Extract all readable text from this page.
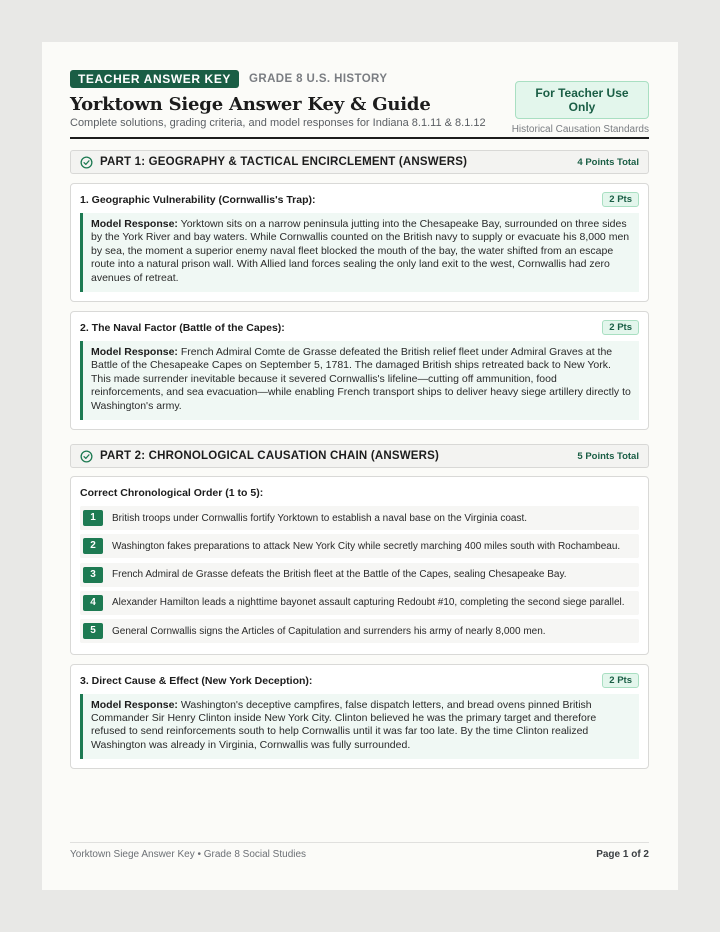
TEACHER ANSWER KEY	GRADE 8 U.S. HISTORY
Yorktown Siege Answer Key & Guide
Complete solutions, grading criteria, and model responses for Indiana 8.1.11 & 8.1.12
For Teacher Use Only
Historical Causation Standards
PART 1: GEOGRAPHY & TACTICAL ENCIRCLEMENT (ANSWERS)	4 Points Total
1. Geographic Vulnerability (Cornwallis's Trap):	2 Pts
Model Response: Yorktown sits on a narrow peninsula jutting into the Chesapeake Bay, surrounded on three sides by the York River and bay waters. While Cornwallis counted on the British navy to supply or evacuate his 8,000 men by sea, the moment a superior enemy naval fleet blocked the mouth of the bay, the water shifted from an escape route into a natural prison wall. With Allied land forces sealing the only land exit to the west, Cornwallis had zero avenues of retreat.
2. The Naval Factor (Battle of the Capes):	2 Pts
Model Response: French Admiral Comte de Grasse defeated the British relief fleet under Admiral Graves at the Battle of the Chesapeake Capes on September 5, 1781. The damaged British ships retreated back to New York. This made surrender inevitable because it severed Cornwallis's lifeline—cutting off ammunition, food reinforcements, and sea evacuation—while enabling French transport ships to deliver heavy siege artillery directly to Washington's army.
PART 2: CHRONOLOGICAL CAUSATION CHAIN (ANSWERS)	5 Points Total
Correct Chronological Order (1 to 5):
1	British troops under Cornwallis fortify Yorktown to establish a naval base on the Virginia coast.
2	Washington fakes preparations to attack New York City while secretly marching 400 miles south with Rochambeau.
3	French Admiral de Grasse defeats the British fleet at the Battle of the Capes, sealing Chesapeake Bay.
4	Alexander Hamilton leads a nighttime bayonet assault capturing Redoubt #10, completing the second siege parallel.
5	General Cornwallis signs the Articles of Capitulation and surrenders his army of nearly 8,000 men.
3. Direct Cause & Effect (New York Deception):	2 Pts
Model Response: Washington's deceptive campfires, false dispatch letters, and bread ovens pinned British Commander Sir Henry Clinton inside New York City. Clinton believed he was the primary target and therefore refused to send reinforcements south to help Cornwallis until it was far too late. By the time Clinton realized Washington was already in Virginia, Cornwallis was fully surrounded.
Yorktown Siege Answer Key • Grade 8 Social Studies	Page 1 of 2
